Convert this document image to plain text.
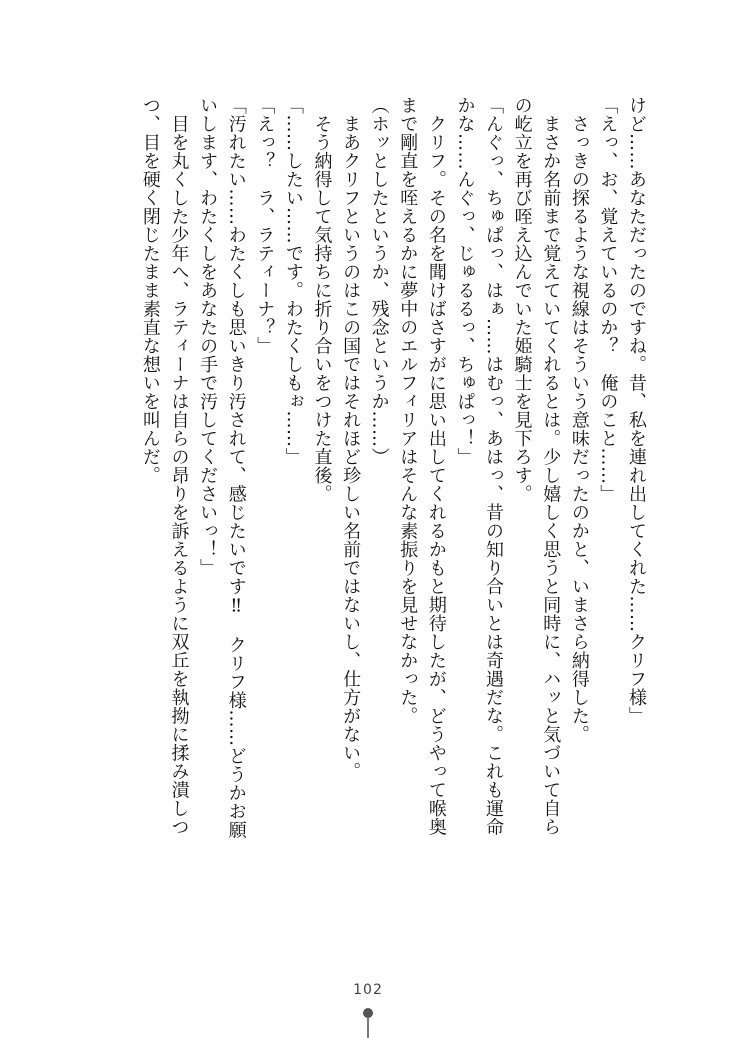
けど……あなただったのですね。昔、私を連れ出してくれた……クリフ様」
「えっ、お、覚えているのか？　俺のこと……」
　さっきの探るような視線はそういう意味だったのかと、いまさら納得した。
　まさか名前まで覚えていてくれるとは。少し嬉しく思うと同時に、ハッと気づいて自ら
の屹立を再び咥え込んでいた姫騎士を見下ろす。
「んぐっ、ちゅぱっ、はぁ……はむっ、あはっ、昔の知り合いとは奇遇だな。これも運命
かな……んぐっ、じゅるるっ、ちゅぱっ！」
　クリフ。その名を聞けばさすがに思い出してくれるかもと期待したが、どうやって喉奥
まで剛直を咥えるかに夢中のエルフィリアはそんな素振りを見せなかった。
（ホッとしたというか、残念というか……）
　まあクリフというのはこの国ではそれほど珍しい名前ではないし、仕方がない。
　そう納得して気持ちに折り合いをつけた直後。
「……したい……です。わたくしもぉ……」
「えっ？　ラ、ラティーナ？」
「汚れたい……わたくしも思いきり汚されて、感じたいです‼　クリフ様……どうかお願
いします、わたくしをあなたの手で汚してくださいっ！」
　目を丸くした少年へ、ラティーナは自らの昂りを訴えるように双丘を執拗に揉み潰しつ
つ、目を硬く閉じたまま素直な想いを叫んだ。
102
